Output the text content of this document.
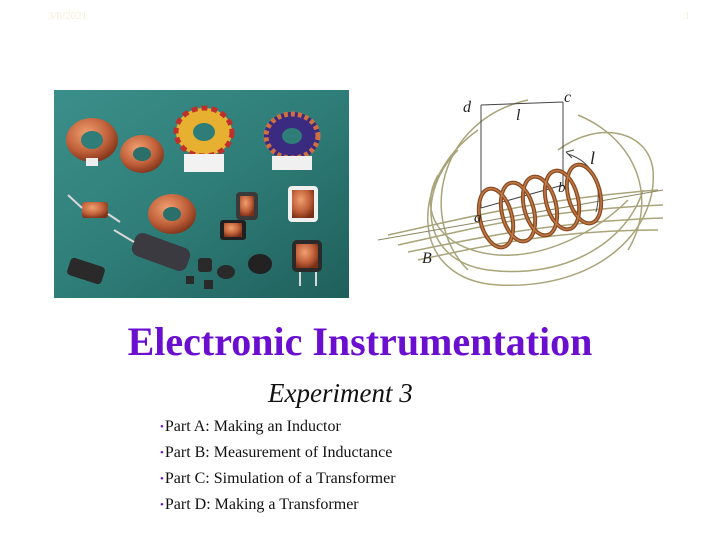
3/8/2021	1
d
c
l
l
b
a
B
Electronic Instrumentation
Experiment 3
•Part A: Making an Inductor
•Part B: Measurement of Inductance
•Part C: Simulation of a Transformer
•Part D: Making a Transformer
